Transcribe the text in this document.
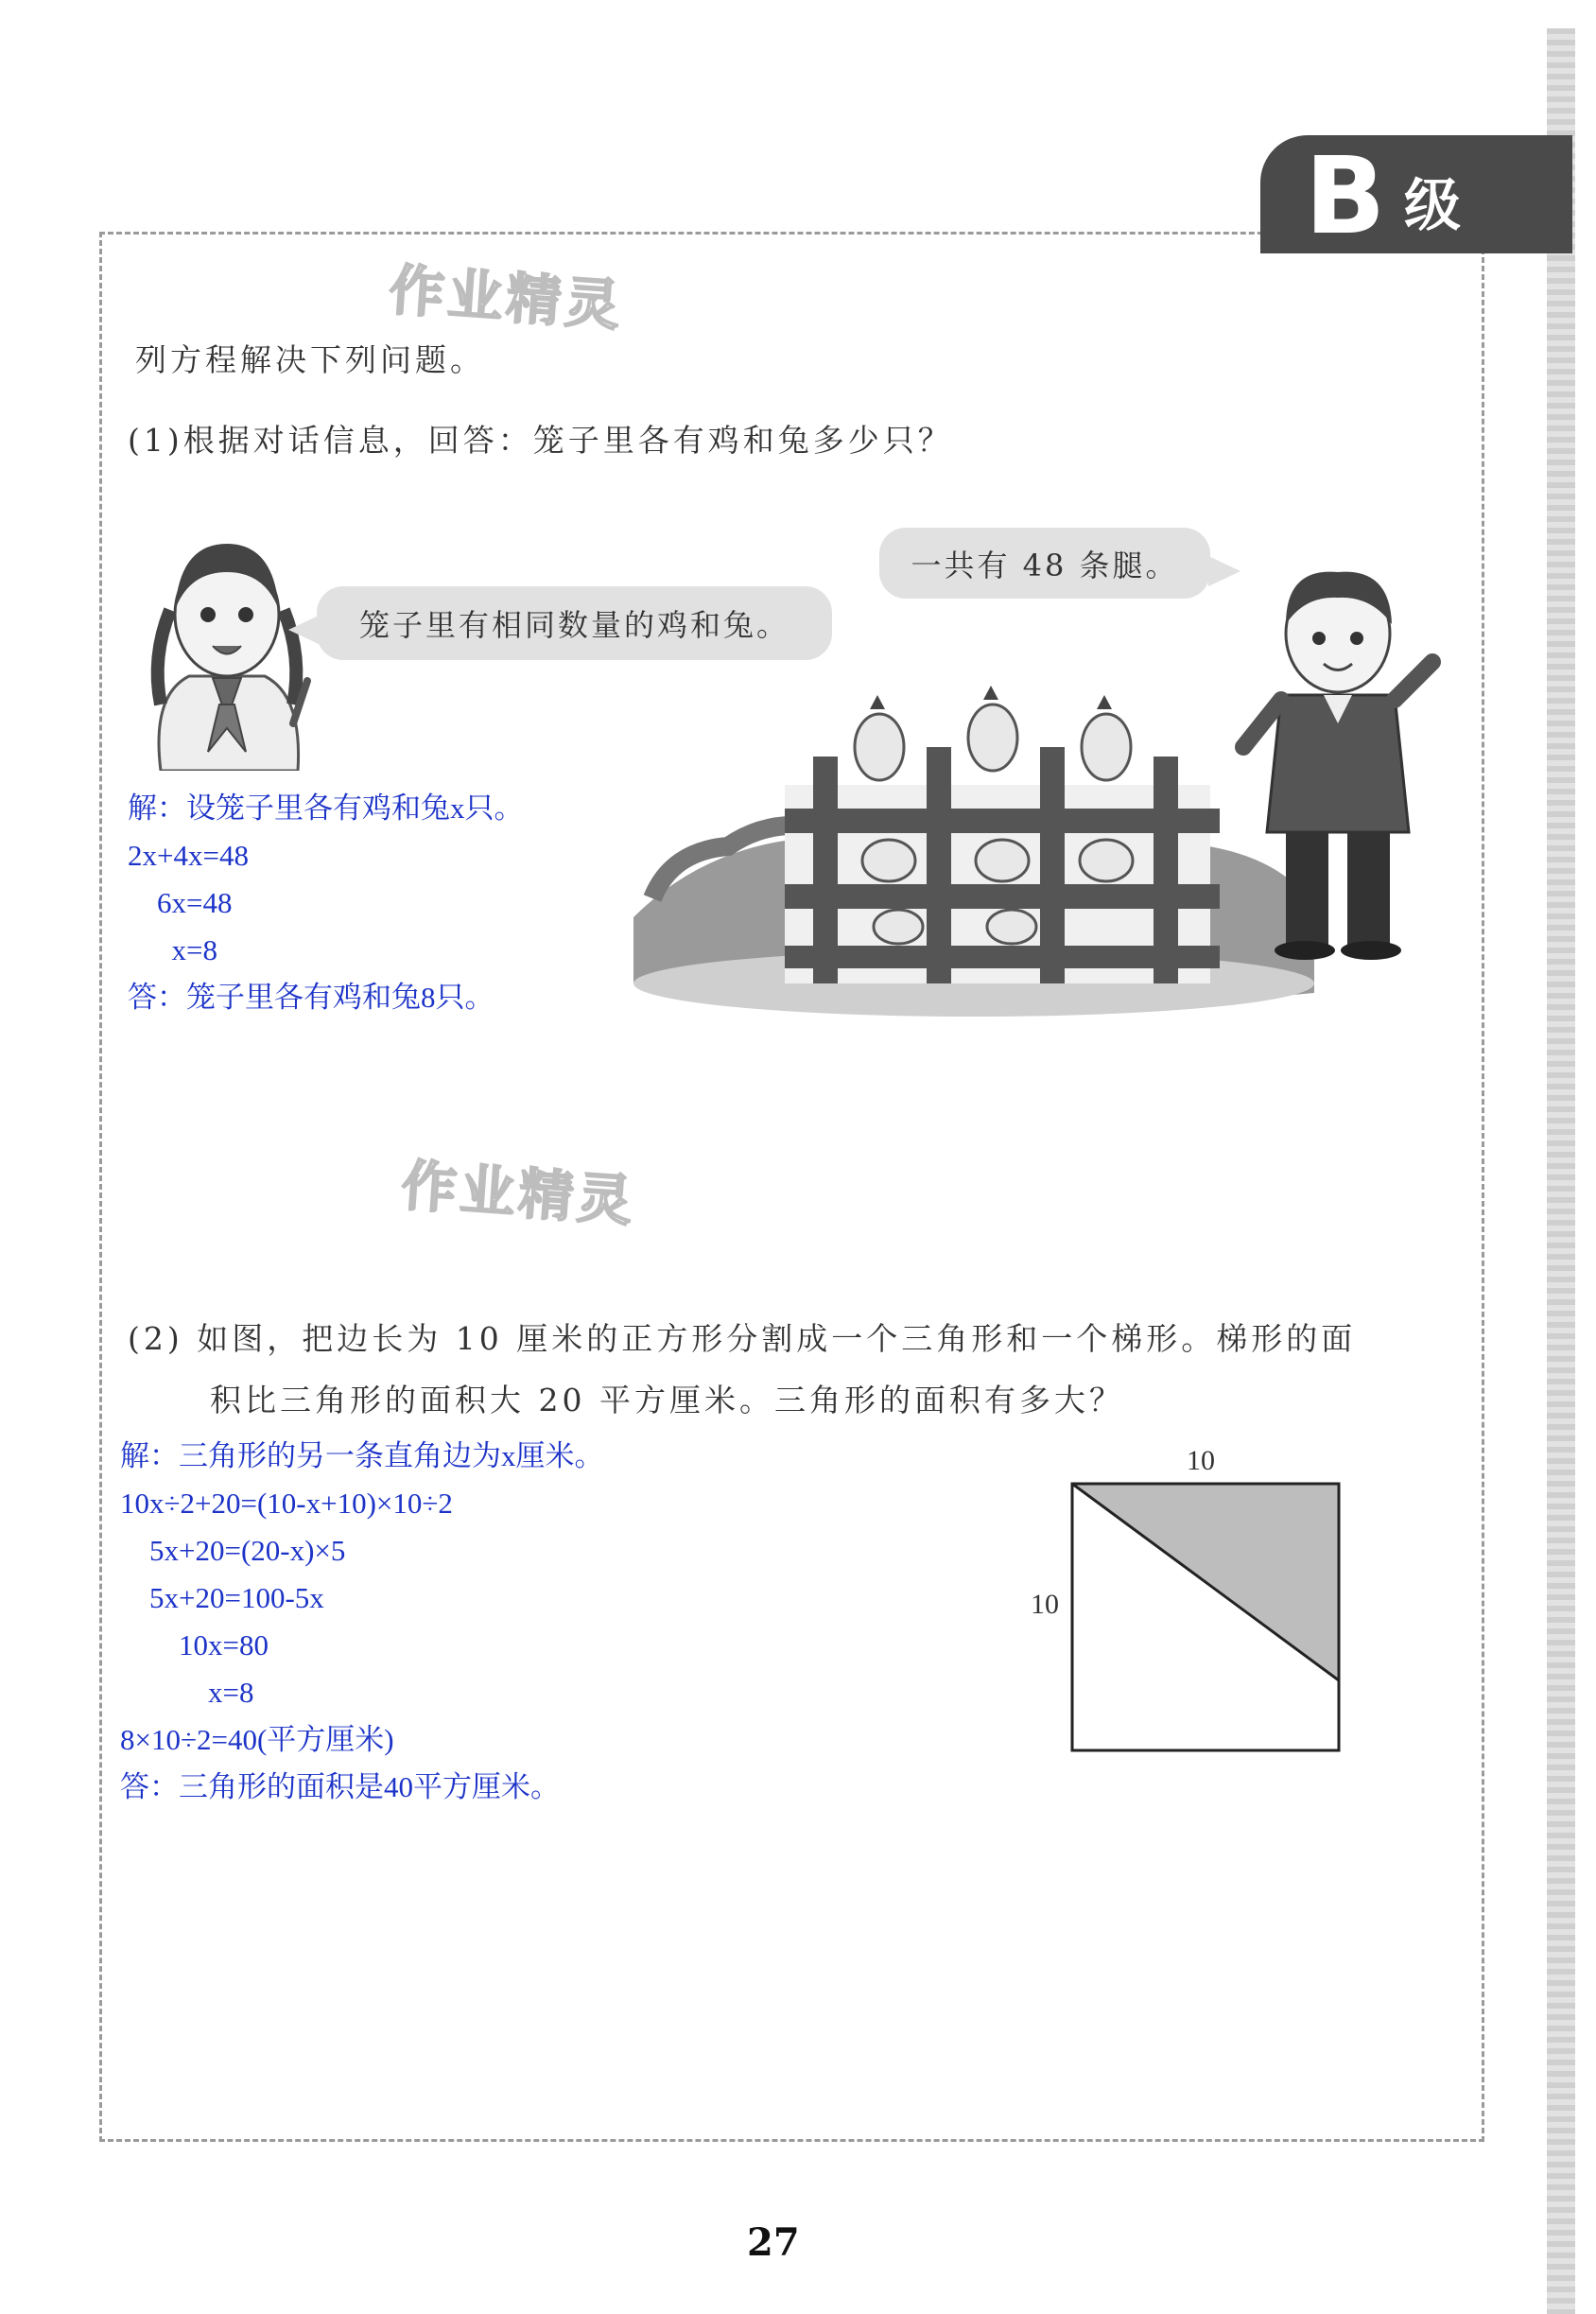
B 级
作业精灵
作业精灵
列方程解决下列问题。
(1)根据对话信息，回答：笼子里各有鸡和兔多少只？
笼子里有相同数量的鸡和兔。
一共有 48 条腿。
解：设笼子里各有鸡和兔x只。
2x+4x=48
6x=48
x=8
答：笼子里各有鸡和兔8只。
(2) 如图，把边长为 10 厘米的正方形分割成一个三角形和一个梯形。梯形的面
积比三角形的面积大 20 平方厘米。三角形的面积有多大？
解：三角形的另一条直角边为x厘米。
10x÷2+20=(10-x+10)×10÷2
5x+20=(20-x)×5
5x+20=100-5x
10x=80
x=8
8×10÷2=40(平方厘米)
答：三角形的面积是40平方厘米。
10
10
27
